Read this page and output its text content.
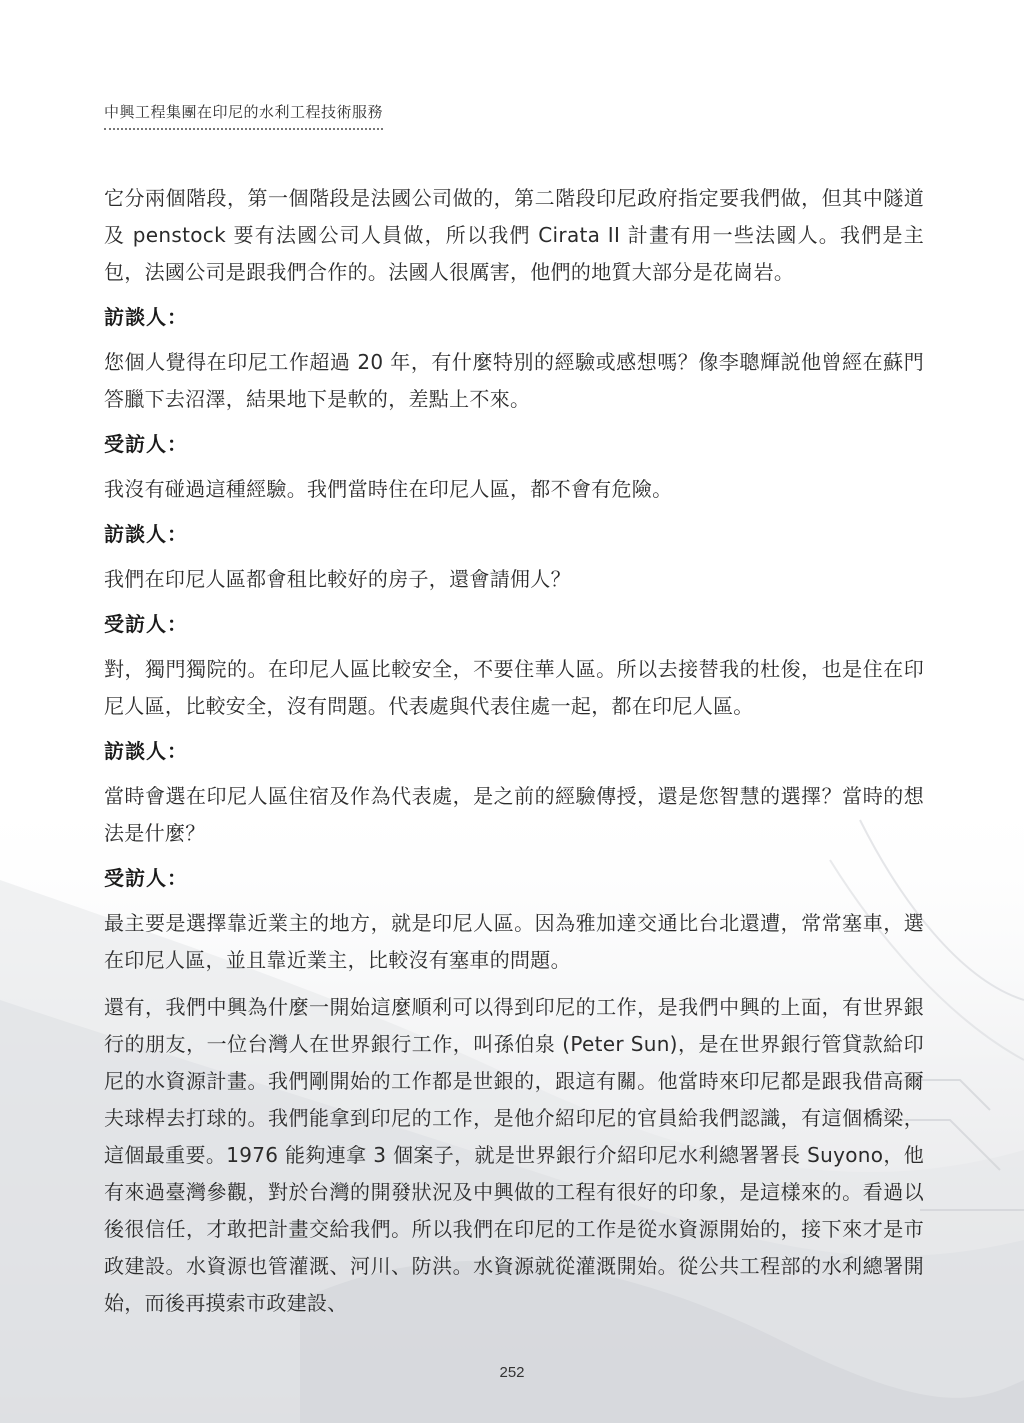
中興工程集團在印尼的水利工程技術服務

它分兩個階段，第一個階段是法國公司做的，第二階段印尼政府指定要我們做，但其中隧道及 penstock 要有法國公司人員做，所以我們 Cirata II 計畫有用一些法國人。我們是主包，法國公司是跟我們合作的。法國人很厲害，他們的地質大部分是花崗岩。

訪談人：

您個人覺得在印尼工作超過 20 年，有什麼特別的經驗或感想嗎？像李聰輝説他曾經在蘇門答臘下去沼澤，結果地下是軟的，差點上不來。

受訪人：

我沒有碰過這種經驗。我們當時住在印尼人區，都不會有危險。

訪談人：

我們在印尼人區都會租比較好的房子，還會請佣人？

受訪人：

對，獨門獨院的。在印尼人區比較安全，不要住華人區。所以去接替我的杜俊，也是住在印尼人區，比較安全，沒有問題。代表處與代表住處一起，都在印尼人區。

訪談人：

當時會選在印尼人區住宿及作為代表處，是之前的經驗傳授，還是您智慧的選擇？當時的想法是什麼？

受訪人：

最主要是選擇靠近業主的地方，就是印尼人區。因為雅加達交通比台北還遭，常常塞車，選在印尼人區，並且靠近業主，比較沒有塞車的問題。

還有，我們中興為什麼一開始這麼順利可以得到印尼的工作，是我們中興的上面，有世界銀行的朋友，一位台灣人在世界銀行工作，叫孫伯泉 (Peter Sun)，是在世界銀行管貸款給印尼的水資源計畫。我們剛開始的工作都是世銀的，跟這有關。他當時來印尼都是跟我借高爾夫球桿去打球的。我們能拿到印尼的工作，是他介紹印尼的官員給我們認識，有這個橋梁，這個最重要。1976 能夠連拿 3 個案子，就是世界銀行介紹印尼水利總署署長 Suyono，他有來過臺灣參觀，對於台灣的開發狀況及中興做的工程有很好的印象，是這樣來的。看過以後很信任，才敢把計畫交給我們。所以我們在印尼的工作是從水資源開始的，接下來才是市政建設。水資源也管灌溉、河川、防洪。水資源就從灌溉開始。從公共工程部的水利總署開始，而後再摸索市政建設、

252
